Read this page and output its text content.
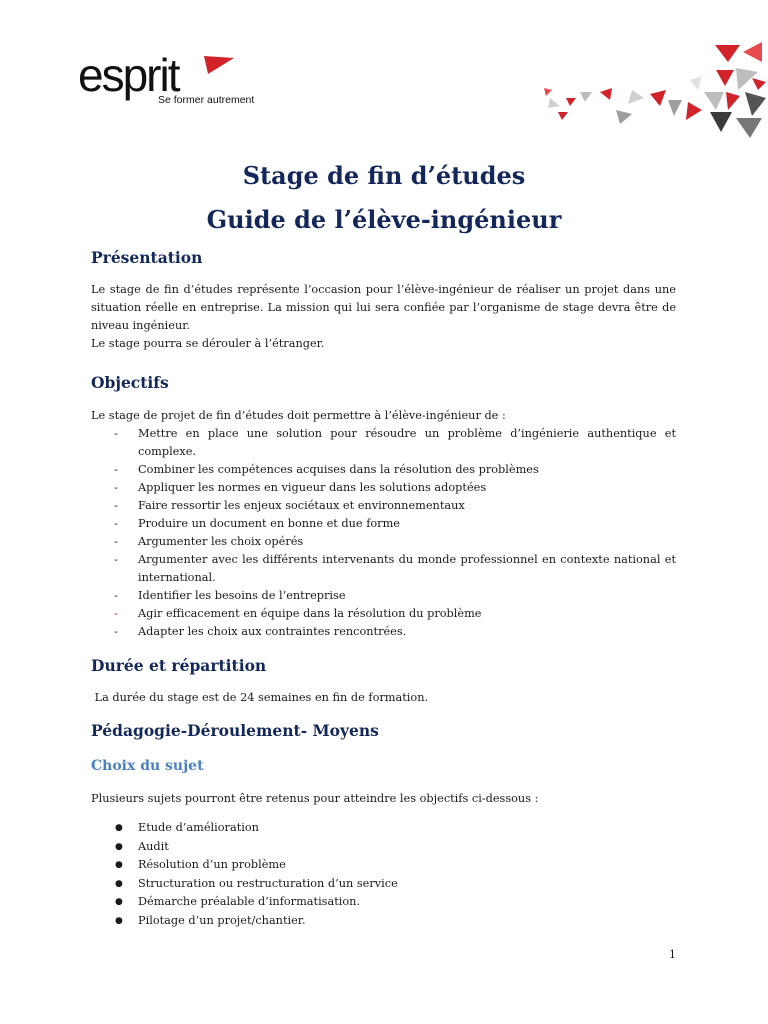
esprit
Se former autrement
Stage de fin d’études
Guide de l’élève-ingénieur
Présentation

Le stage de fin d’études représente l’occasion pour l’élève-ingénieur de réaliser un projet dans une situation réelle en entreprise. La mission qui lui sera confiée par l’organisme de stage devra être de niveau ingénieur.

Le stage pourra se dérouler à l’étranger.

Objectifs
Le stage de projet de fin d’études doit permettre à l’élève-ingénieur de :
- Mettre en place une solution pour résoudre un problème d’ingénierie authentique et complexe.
- Combiner les compétences acquises dans la résolution des problèmes
- Appliquer les normes en vigueur dans les solutions adoptées
- Faire ressortir les enjeux sociétaux et environnementaux
- Produire un document en bonne et due forme
- Argumenter les choix opérés
- Argumenter avec les différents intervenants du monde professionnel en contexte national et international.
- Identifier les besoins de l’entreprise
- Agir efficacement en équipe dans la résolution du problème
- Adapter les choix aux contraintes rencontrées.
Durée et répartition
La durée du stage est de 24 semaines en fin de formation.
Pédagogie-Déroulement- Moyens
Choix du sujet
Plusieurs sujets pourront être retenus pour atteindre les objectifs ci-dessous :
● Etude d’amélioration
● Audit
● Résolution d’un problème
● Structuration ou restructuration d’un service
● Démarche préalable d’informatisation.
● Pilotage d’un projet/chantier.
1
